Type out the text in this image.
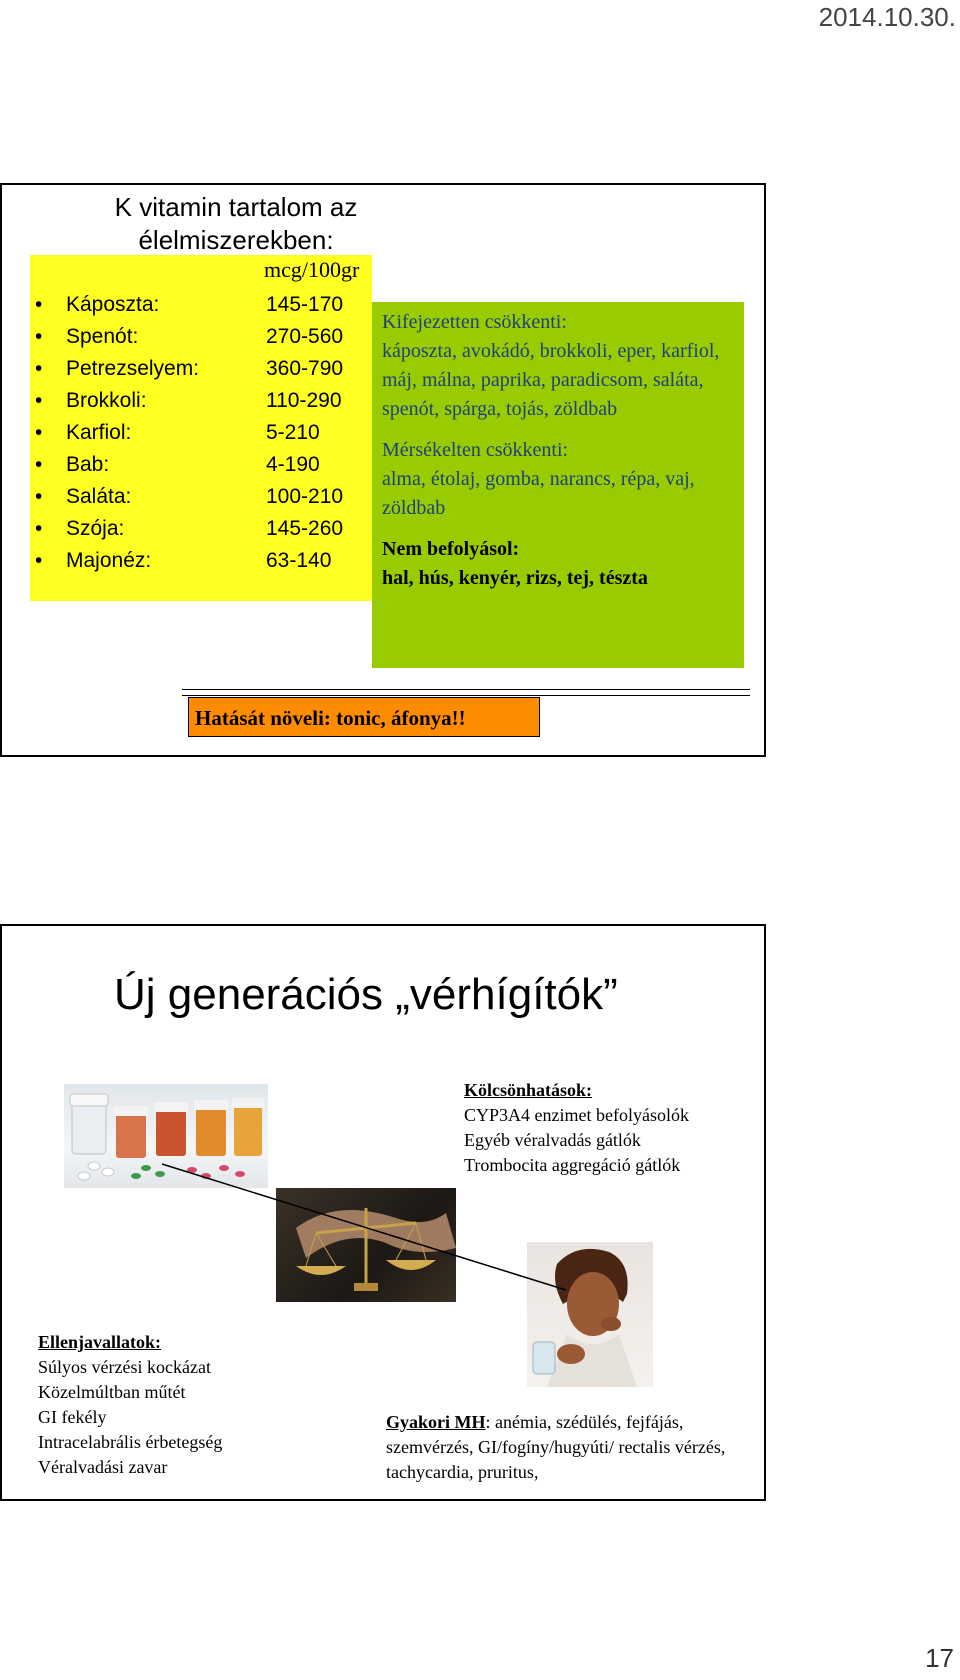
2014.10.30.
K vitamin tartalom az élelmiszerekben:
mcg/100gr
• Káposzta:	145-170
• Spenót:	270-560
• Petrezselyem:	360-790
• Brokkoli:	110-290
• Karfiol:	5-210
• Bab:	4-190
• Saláta:	100-210
• Szója:	145-260
• Majonéz:	63-140

Kifejezetten csökkenti:
káposzta, avokádó, brokkoli, eper, karfiol, máj, málna, paprika, paradicsom, saláta, spenót, spárga, tojás, zöldbab

Mérsékelten csökkenti:
alma, étolaj, gomba, narancs, répa, vaj, zöldbab

Nem befolyásol:
hal, hús, kenyér, rizs, tej, tészta

Hatását növeli: tonic, áfonya!!
Új generációs „vérhígítók”
Kölcsönhatások:
CYP3A4 enzimet befolyásolók
Egyéb véralvadás gátlók
Trombocita aggregáció gátlók
Ellenjavallatok:
Súlyos vérzési kockázat
Közelmúltban műtét
GI fekély
Intracelabrális érbetegség
Véralvadási zavar
Gyakori MH: anémia, szédülés, fejfájás, szemvérzés, GI/fogíny/hugyúti/ rectalis vérzés, tachycardia, pruritus,
17
